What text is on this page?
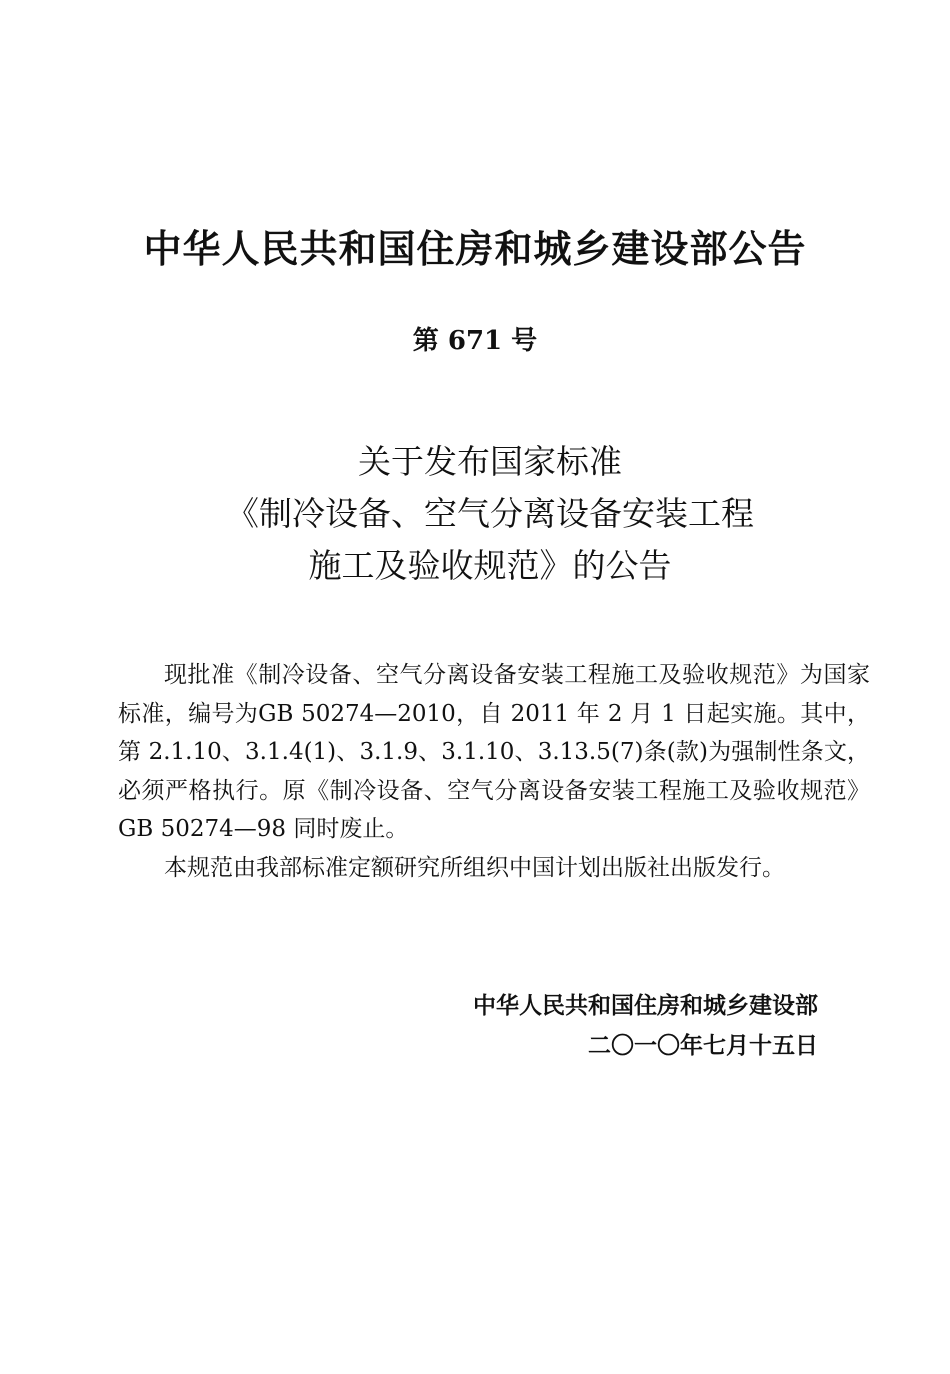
中华人民共和国住房和城乡建设部公告
第 671 号
关于发布国家标准
《制冷设备、空气分离设备安装工程
施工及验收规范》的公告

现批准《制冷设备、空气分离设备安装工程施工及验收规范》为国家标准，编号为GB 50274—2010，自 2011 年 2 月 1 日起实施。其中，第 2.1.10、3.1.4(1)、3.1.9、3.1.10、3.13.5(7)条(款)为强制性条文，必须严格执行。原《制冷设备、空气分离设备安装工程施工及验收规范》GB 50274—98 同时废止。

本规范由我部标准定额研究所组织中国计划出版社出版发行。

中华人民共和国住房和城乡建设部
二〇一〇年七月十五日
